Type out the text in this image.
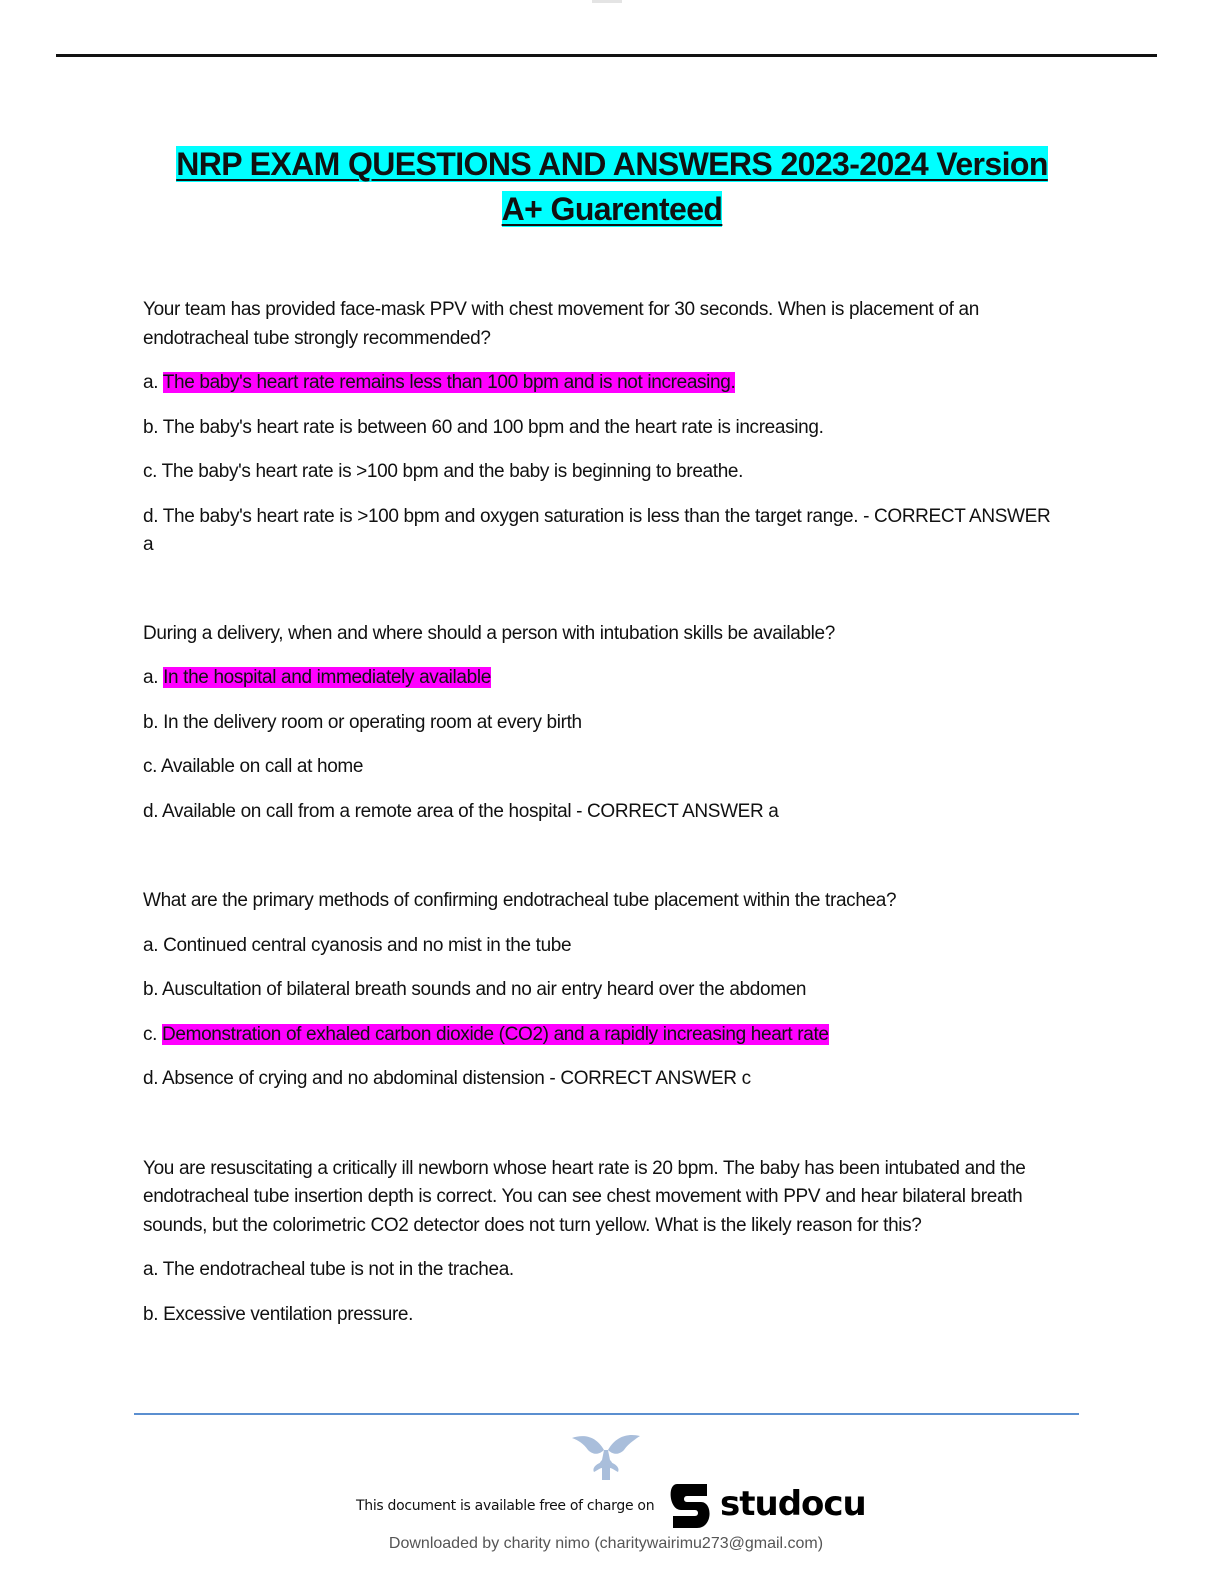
NRP EXAM QUESTIONS AND ANSWERS 2023-2024 Version
A+ Guarenteed

Your team has provided face-mask PPV with chest movement for 30 seconds. When is placement of an endotracheal tube strongly recommended?

a. The baby's heart rate remains less than 100 bpm and is not increasing.

b. The baby's heart rate is between 60 and 100 bpm and the heart rate is increasing.

c. The baby's heart rate is >100 bpm and the baby is beginning to breathe.

d. The baby's heart rate is >100 bpm and oxygen saturation is less than the target range. - CORRECT ANSWER a

During a delivery, when and where should a person with intubation skills be available?

a. In the hospital and immediately available

b. In the delivery room or operating room at every birth

c. Available on call at home

d. Available on call from a remote area of the hospital - CORRECT ANSWER a

What are the primary methods of confirming endotracheal tube placement within the trachea?

a. Continued central cyanosis and no mist in the tube

b. Auscultation of bilateral breath sounds and no air entry heard over the abdomen

c. Demonstration of exhaled carbon dioxide (CO2) and a rapidly increasing heart rate

d. Absence of crying and no abdominal distension - CORRECT ANSWER c

You are resuscitating a critically ill newborn whose heart rate is 20 bpm. The baby has been intubated and the endotracheal tube insertion depth is correct. You can see chest movement with PPV and hear bilateral breath sounds, but the colorimetric CO2 detector does not turn yellow. What is the likely reason for this?

a. The endotracheal tube is not in the trachea.

b. Excessive ventilation pressure.

This document is available free of charge on studocu
Downloaded by charity nimo (charitywairimu273@gmail.com)
